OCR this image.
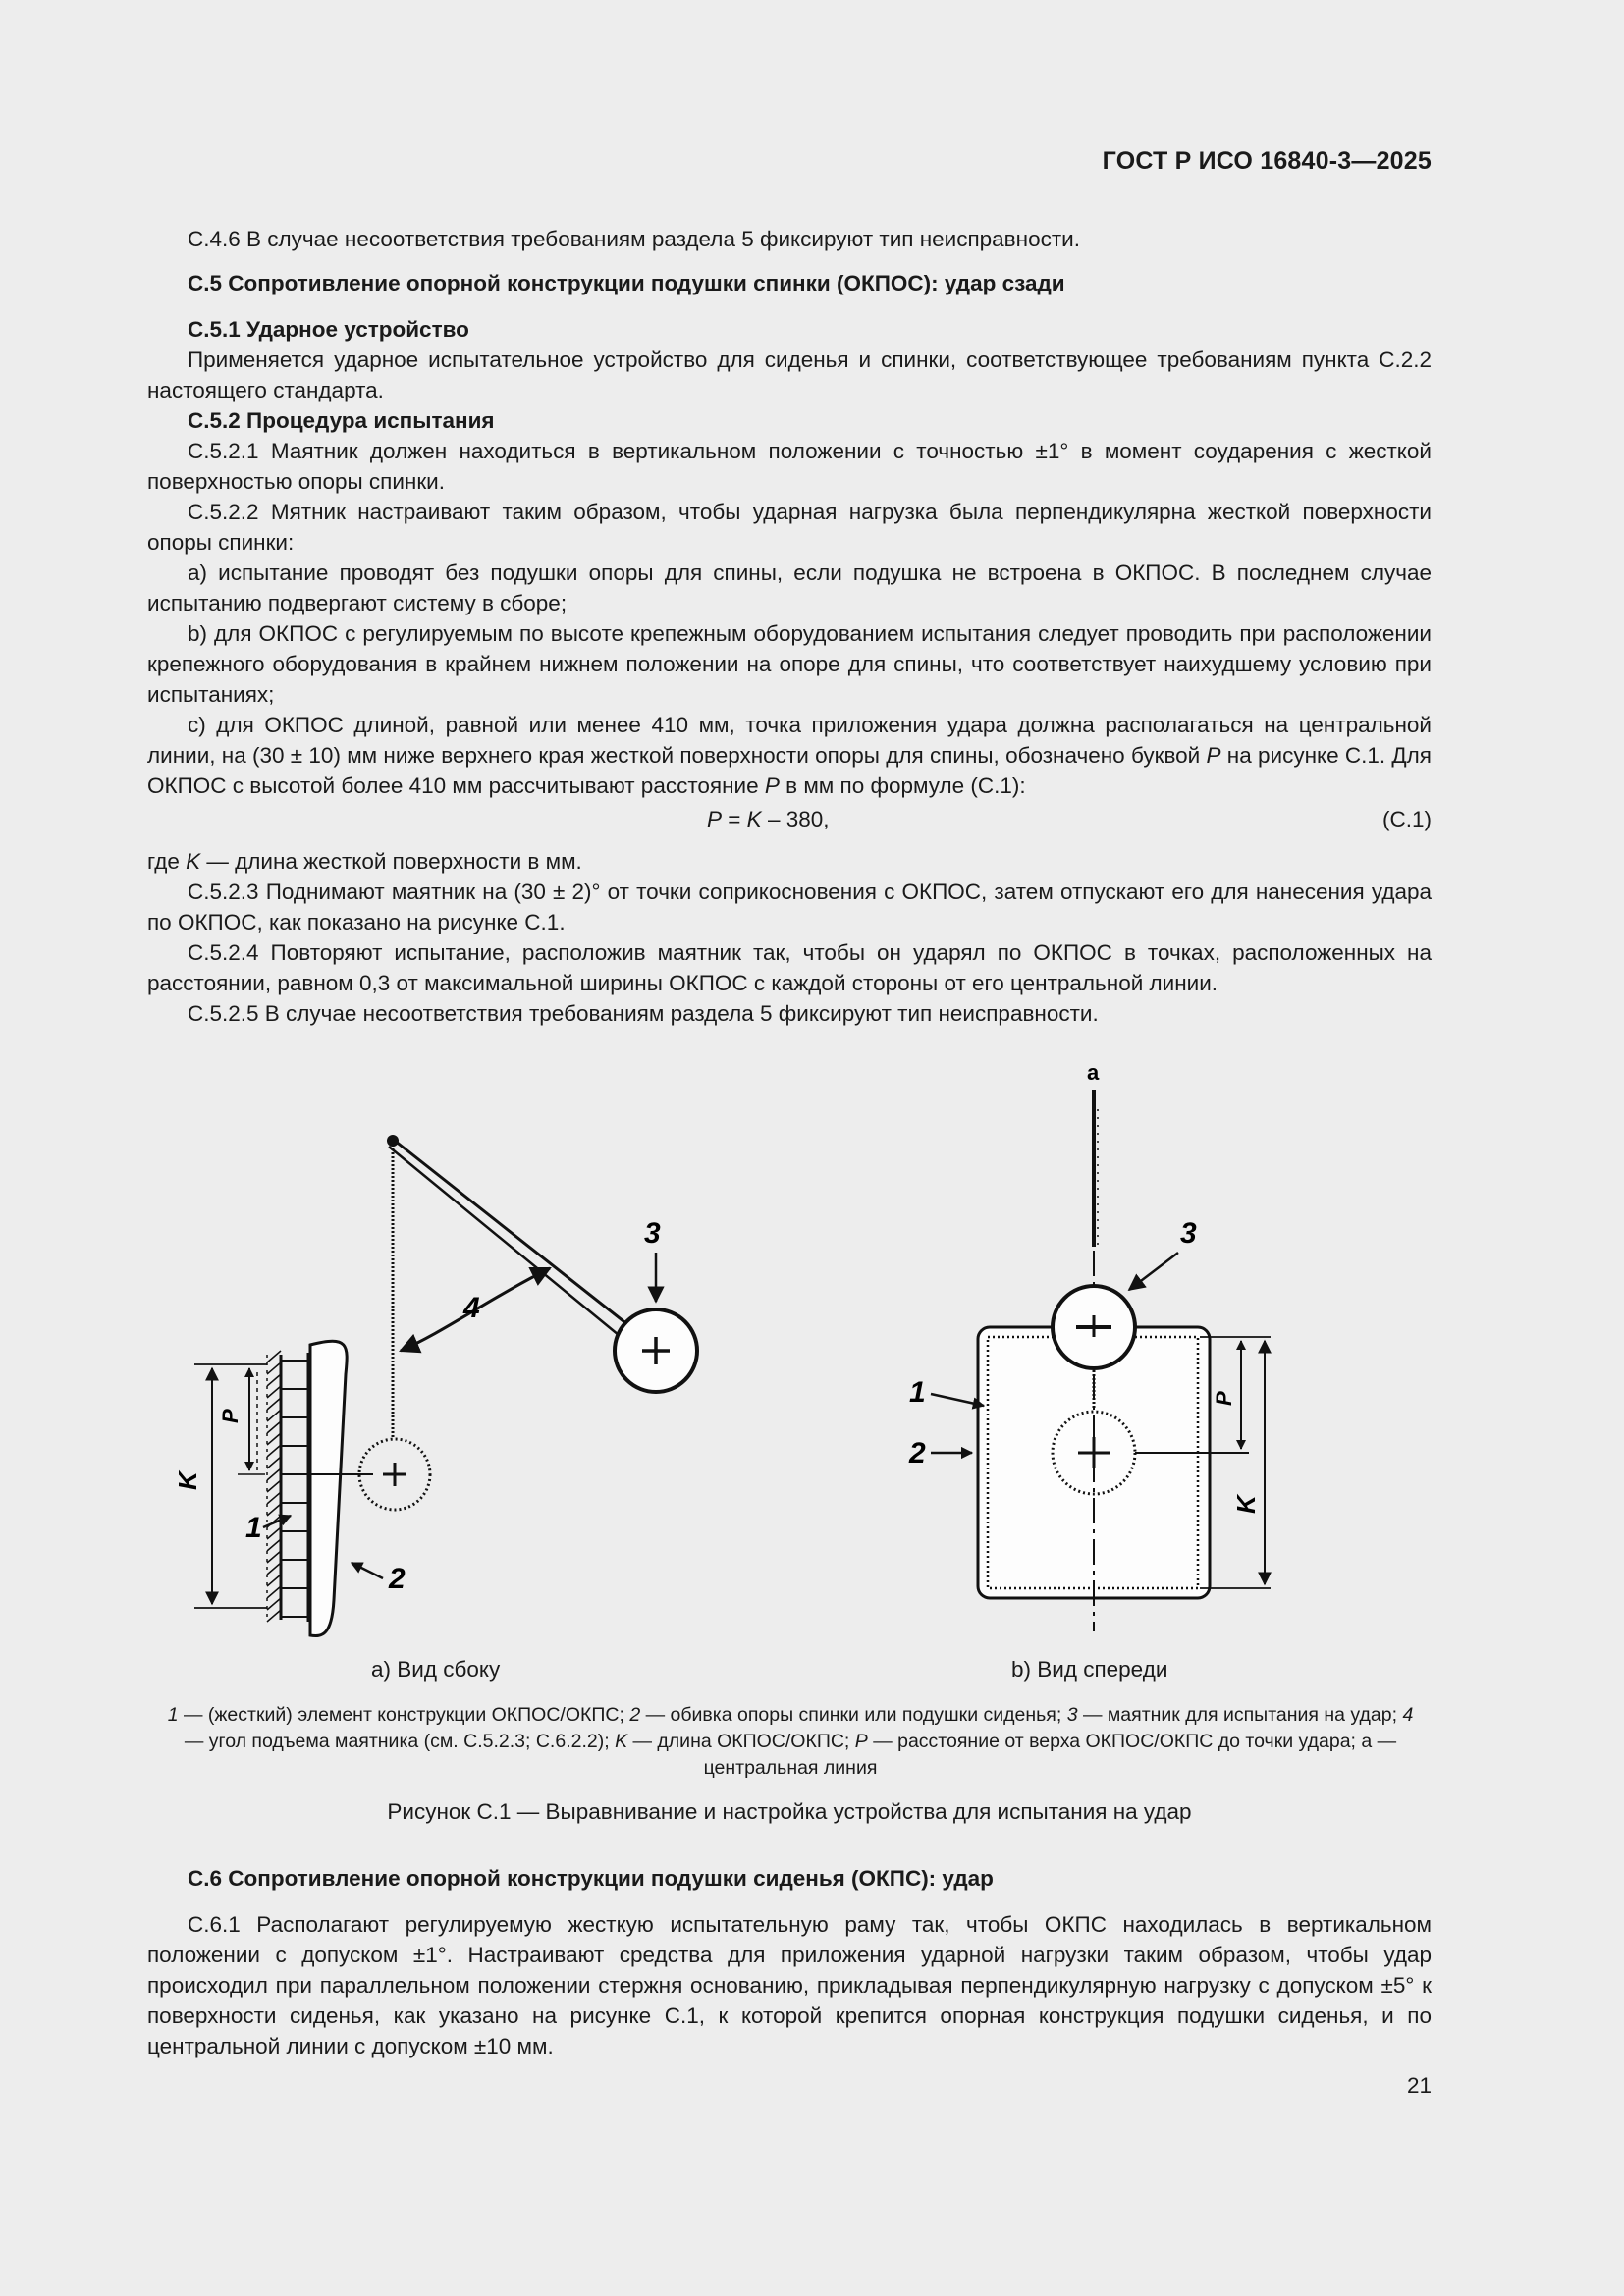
ГОСТ Р ИСО 16840-3—2025

С.4.6 В случае несоответствия требованиям раздела 5 фиксируют тип неисправности.

С.5 Сопротивление опорной конструкции подушки спинки (ОКПОС): удар сзади

С.5.1 Ударное устройство

Применяется ударное испытательное устройство для сиденья и спинки, соответствующее требованиям пункта С.2.2 настоящего стандарта.

С.5.2 Процедура испытания

С.5.2.1 Маятник должен находиться в вертикальном положении с точностью ±1° в момент соударения с жесткой поверхностью опоры спинки.

С.5.2.2 Мятник настраивают таким образом, чтобы ударная нагрузка была перпендикулярна жесткой поверхности опоры спинки:

a) испытание проводят без подушки опоры для спины, если подушка не встроена в ОКПОС. В последнем случае испытанию подвергают систему в сборе;

b) для ОКПОС с регулируемым по высоте крепежным оборудованием испытания следует проводить при расположении крепежного оборудования в крайнем нижнем положении на опоре для спины, что соответствует наихудшему условию при испытаниях;

c) для ОКПОС длиной, равной или менее 410 мм, точка приложения удара должна располагаться на центральной линии, на (30 ± 10) мм ниже верхнего края жесткой поверхности опоры для спины, обозначено буквой P на рисунке С.1. Для ОКПОС с высотой более 410 мм рассчитывают расстояние P в мм по формуле (С.1):

P = K – 380,	(С.1)

где K — длина жесткой поверхности в мм.

С.5.2.3 Поднимают маятник на (30 ± 2)° от точки соприкосновения с ОКПОС, затем отпускают его для нанесения удара по ОКПОС, как показано на рисунке С.1.

С.5.2.4 Повторяют испытание, расположив маятник так, чтобы он ударял по ОКПОС в точках, расположенных на расстоянии, равном 0,3 от максимальной ширины ОКПОС с каждой стороны от его центральной линии.

С.5.2.5 В случае несоответствия требованиям раздела 5 фиксируют тип неисправности.

K
P
4
3
1
2
a
3
1
2
P
K
a) Вид сбоку	b) Вид спереди
1 — (жесткий) элемент конструкции ОКПОС/ОКПС; 2 — обивка опоры спинки или подушки сиденья; 3 — маятник для испытания на удар; 4 — угол подъема маятника (см. С.5.2.3; С.6.2.2); K — длина ОКПОС/ОКПС; P — расстояние от верха ОКПОС/ОКПС до точки удара; a — центральная линия
Рисунок С.1 — Выравнивание и настройка устройства для испытания на удар

С.6 Сопротивление опорной конструкции подушки сиденья (ОКПС): удар

С.6.1 Располагают регулируемую жесткую испытательную раму так, чтобы ОКПС находилась в вертикальном положении с допуском ±1°. Настраивают средства для приложения ударной нагрузки таким образом, чтобы удар происходил при параллельном положении стержня основанию, прикладывая перпендикулярную нагрузку с допуском ±5° к поверхности сиденья, как указано на рисунке С.1, к которой крепится опорная конструкция подушки сиденья, и по центральной линии с допуском ±10 мм.

21
